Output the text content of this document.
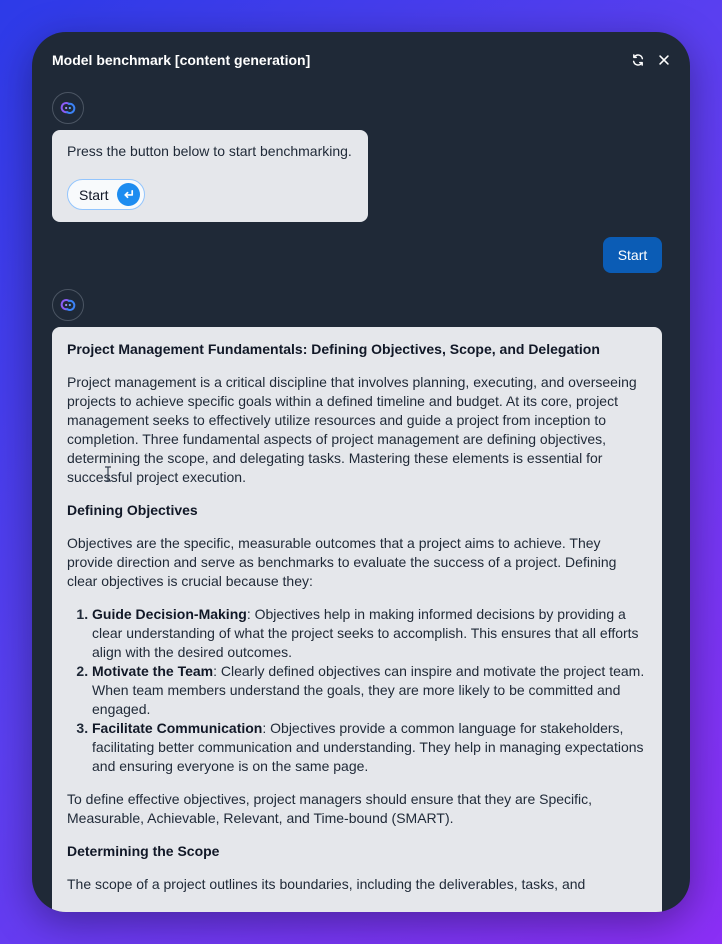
Model benchmark [content generation]
Press the button below to start benchmarking.
Start
Start
Project Management Fundamentals: Defining Objectives, Scope, and Delegation

Project management is a critical discipline that involves planning, executing, and overseeing projects to achieve specific goals within a defined timeline and budget. At its core, project management seeks to effectively utilize resources and guide a project from inception to completion. Three fundamental aspects of project management are defining objectives, determining the scope, and delegating tasks. Mastering these elements is essential for successful project execution.

Defining Objectives

Objectives are the specific, measurable outcomes that a project aims to achieve. They provide direction and serve as benchmarks to evaluate the success of a project. Defining clear objectives is crucial because they:

1. Guide Decision-Making: Objectives help in making informed decisions by providing a clear understanding of what the project seeks to accomplish. This ensures that all efforts align with the desired outcomes.
2. Motivate the Team: Clearly defined objectives can inspire and motivate the project team. When team members understand the goals, they are more likely to be committed and engaged.
3. Facilitate Communication: Objectives provide a common language for stakeholders, facilitating better communication and understanding. They help in managing expectations and ensuring everyone is on the same page.

To define effective objectives, project managers should ensure that they are Specific, Measurable, Achievable, Relevant, and Time-bound (SMART).

Determining the Scope

The scope of a project outlines its boundaries, including the deliverables, tasks, and
